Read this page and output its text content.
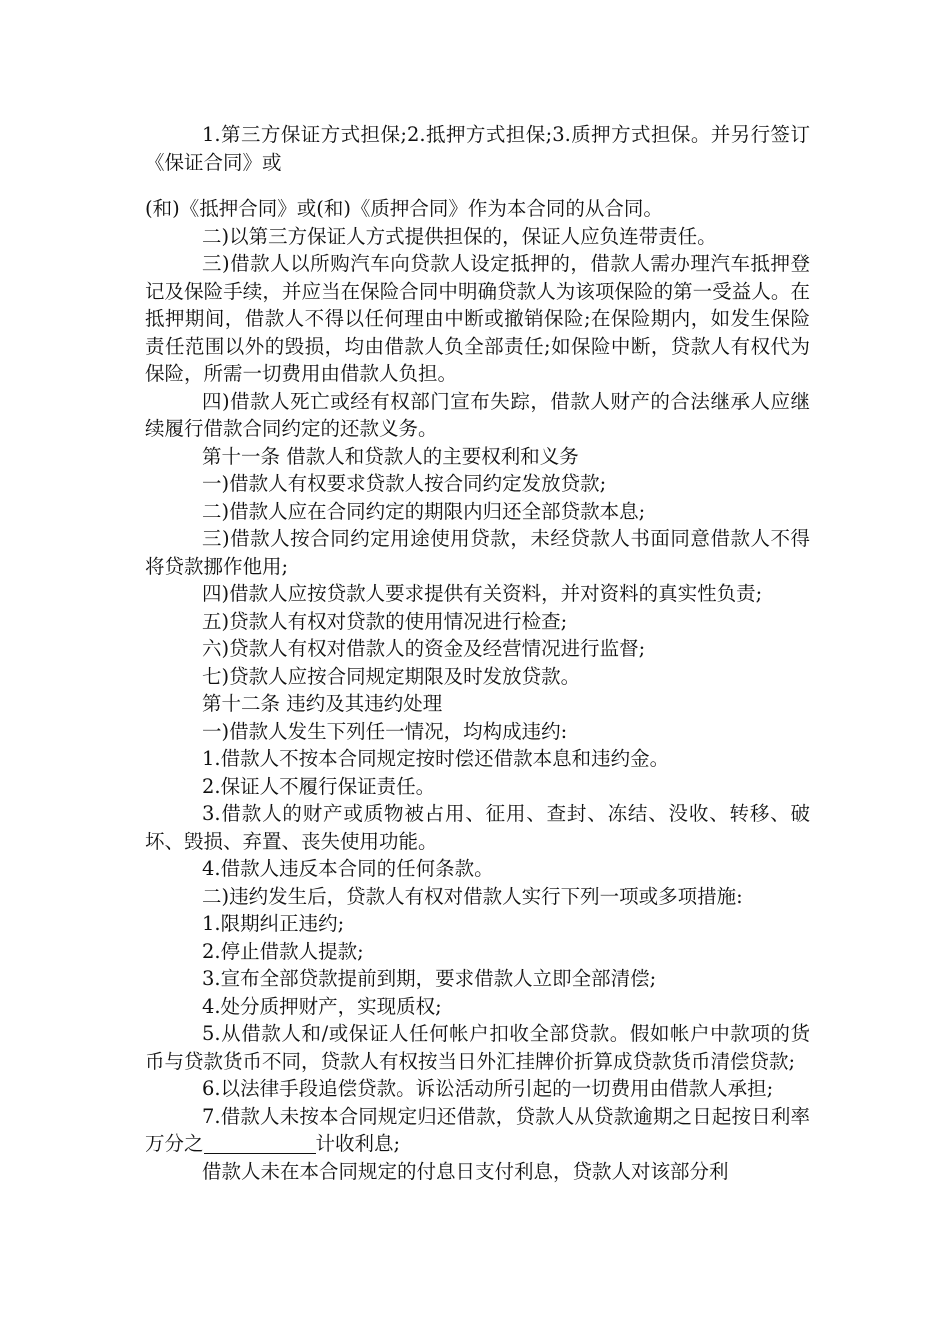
1.第三方保证方式担保;2.抵押方式担保;3.质押方式担保。并另行签订《保证合同》或

(和)《抵押合同》或(和)《质押合同》作为本合同的从合同。

二)以第三方保证人方式提供担保的，保证人应负连带责任。

三)借款人以所购汽车向贷款人设定抵押的，借款人需办理汽车抵押登记及保险手续，并应当在保险合同中明确贷款人为该项保险的第一受益人。在抵押期间，借款人不得以任何理由中断或撤销保险;在保险期内，如发生保险责任范围以外的毁损，均由借款人负全部责任;如保险中断，贷款人有权代为保险，所需一切费用由借款人负担。

四)借款人死亡或经有权部门宣布失踪，借款人财产的合法继承人应继续履行借款合同约定的还款义务。

第十一条 借款人和贷款人的主要权利和义务

一)借款人有权要求贷款人按合同约定发放贷款;

二)借款人应在合同约定的期限内归还全部贷款本息;

三)借款人按合同约定用途使用贷款，未经贷款人书面同意借款人不得将贷款挪作他用;

四)借款人应按贷款人要求提供有关资料，并对资料的真实性负责;

五)贷款人有权对贷款的使用情况进行检查;

六)贷款人有权对借款人的资金及经营情况进行监督;

七)贷款人应按合同规定期限及时发放贷款。

第十二条 违约及其违约处理

一)借款人发生下列任一情况，均构成违约:

1.借款人不按本合同规定按时偿还借款本息和违约金。

2.保证人不履行保证责任。

3.借款人的财产或质物被占用、征用、查封、冻结、没收、转移、破坏、毁损、弃置、丧失使用功能。

4.借款人违反本合同的任何条款。

二)违约发生后，贷款人有权对借款人实行下列一项或多项措施:

1.限期纠正违约;

2.停止借款人提款;

3.宣布全部贷款提前到期，要求借款人立即全部清偿;

4.处分质押财产，实现质权;

5.从借款人和/或保证人任何帐户扣收全部贷款。假如帐户中款项的货币与贷款货币不同，贷款人有权按当日外汇挂牌价折算成贷款货币清偿贷款;

6.以法律手段追偿贷款。诉讼活动所引起的一切费用由借款人承担;

7.借款人未按本合同规定归还借款，贷款人从贷款逾期之日起按日利率万分之	计收利息;

借款人未在本合同规定的付息日支付利息，贷款人对该部分利
